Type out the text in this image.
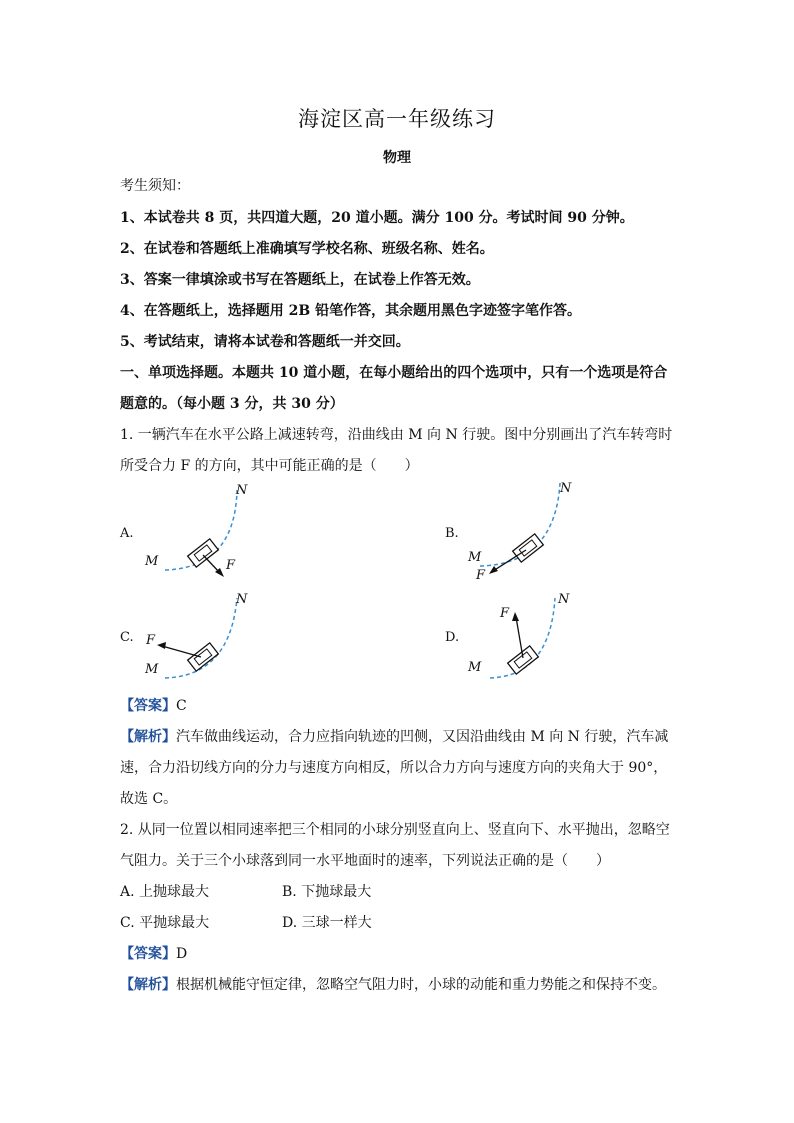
海淀区高一年级练习
物理
考生须知：
1、本试卷共 8 页，共四道大题，20 道小题。满分 100 分。考试时间 90 分钟。
2、在试卷和答题纸上准确填写学校名称、班级名称、姓名。
3、答案一律填涂或书写在答题纸上，在试卷上作答无效。
4、在答题纸上，选择题用 2B 铅笔作答，其余题用黑色字迹签字笔作答。
5、考试结束，请将本试卷和答题纸一并交回。
一、单项选择题。本题共 10 道小题，在每小题给出的四个选项中，只有一个选项是符合
题意的。（每小题 3 分，共 30 分）
1. 一辆汽车在水平公路上减速转弯，沿曲线由 M 向 N 行驶。图中分别画出了汽车转弯时
所受合力 F 的方向，其中可能正确的是（　　）
A.
N
M	F
B.
N
M
F
C.
N
F
M
D.
N
F
M
【答案】C
【解析】汽车做曲线运动，合力应指向轨迹的凹侧，又因沿曲线由 M 向 N 行驶，汽车减
速，合力沿切线方向的分力与速度方向相反，所以合力方向与速度方向的夹角大于 90°，
故选 C。
2. 从同一位置以相同速率把三个相同的小球分别竖直向上、竖直向下、水平抛出，忽略空
气阻力。关于三个小球落到同一水平地面时的速率，下列说法正确的是（　　）
A. 上抛球最大	B. 下抛球最大
C. 平抛球最大	D. 三球一样大
【答案】D
【解析】根据机械能守恒定律，忽略空气阻力时，小球的动能和重力势能之和保持不变。
